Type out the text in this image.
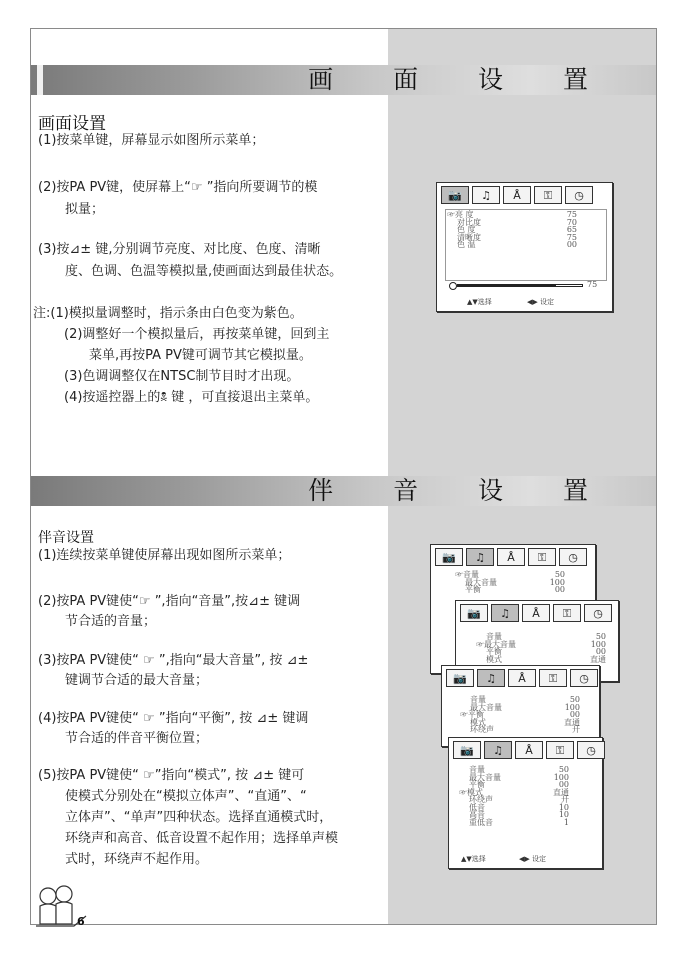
画 面 设 置
画面设置
(1)按菜单键，屏幕显示如图所示菜单；
(2)按PA PV键，使屏幕上“☞ ”指向所要调节的模
拟量；
(3)按⊿± 键,分别调节亮度、对比度、色度、清晰
度、色调、色温等模拟量,使画面达到最佳状态。
注:(1)模拟量调整时，指示条由白色变为紫色。
(2)调整好一个模拟量后，再按菜单键，回到主
菜单,再按PA PV键可调节其它模拟量。
(3)色调调整仅在NTSC制节目时才出现。
(4)按遥控器上的🕱 键 ，可直接退出主菜单。
📷	♫	Å	⚿	◷
☞亮 度	75
对比度	70
色 度	65
清晰度	75
色 温	00
75
▲▼选择	◀▶ 设定
伴 音 设 置
伴音设置
(1)连续按菜单键使屏幕出现如图所示菜单；
(2)按PA PV键使“☞ ”,指向“音量”,按⊿± 键调
节合适的音量；
(3)按PA PV键使“ ☞ ”,指向“最大音量”, 按 ⊿±
键调节合适的最大音量；
(4)按PA PV键使“ ☞ ”指向“平衡”, 按 ⊿± 键调
节合适的伴音平衡位置；
(5)按PA PV键使“ ☞”指向“模式”, 按 ⊿± 键可
使模式分别处在“模拟立体声”、“直通”、“
立体声”、“单声”四种状态。选择直通模式时，
环绕声和高音、低音设置不起作用；选择单声模
式时，环绕声不起作用。
📷	♫	Å	⚿	◷
☞音量	50
最大音量	100
平衡	00
📷	♫	Å	⚿	◷
音量	50
☞最大音量	100
平衡	00
模式	直通
📷	♫	Å	⚿	◷
音量	50
最大音量	100
☞平衡	00
模式	直通
环绕声	开
📷	♫	Å	⚿	◷
音量	50
最大音量	100
平衡	00
☞模式	直通
环绕声	开
低音	10
高音	10
重低音	1
▲▼选择	◀▶ 设定
6
